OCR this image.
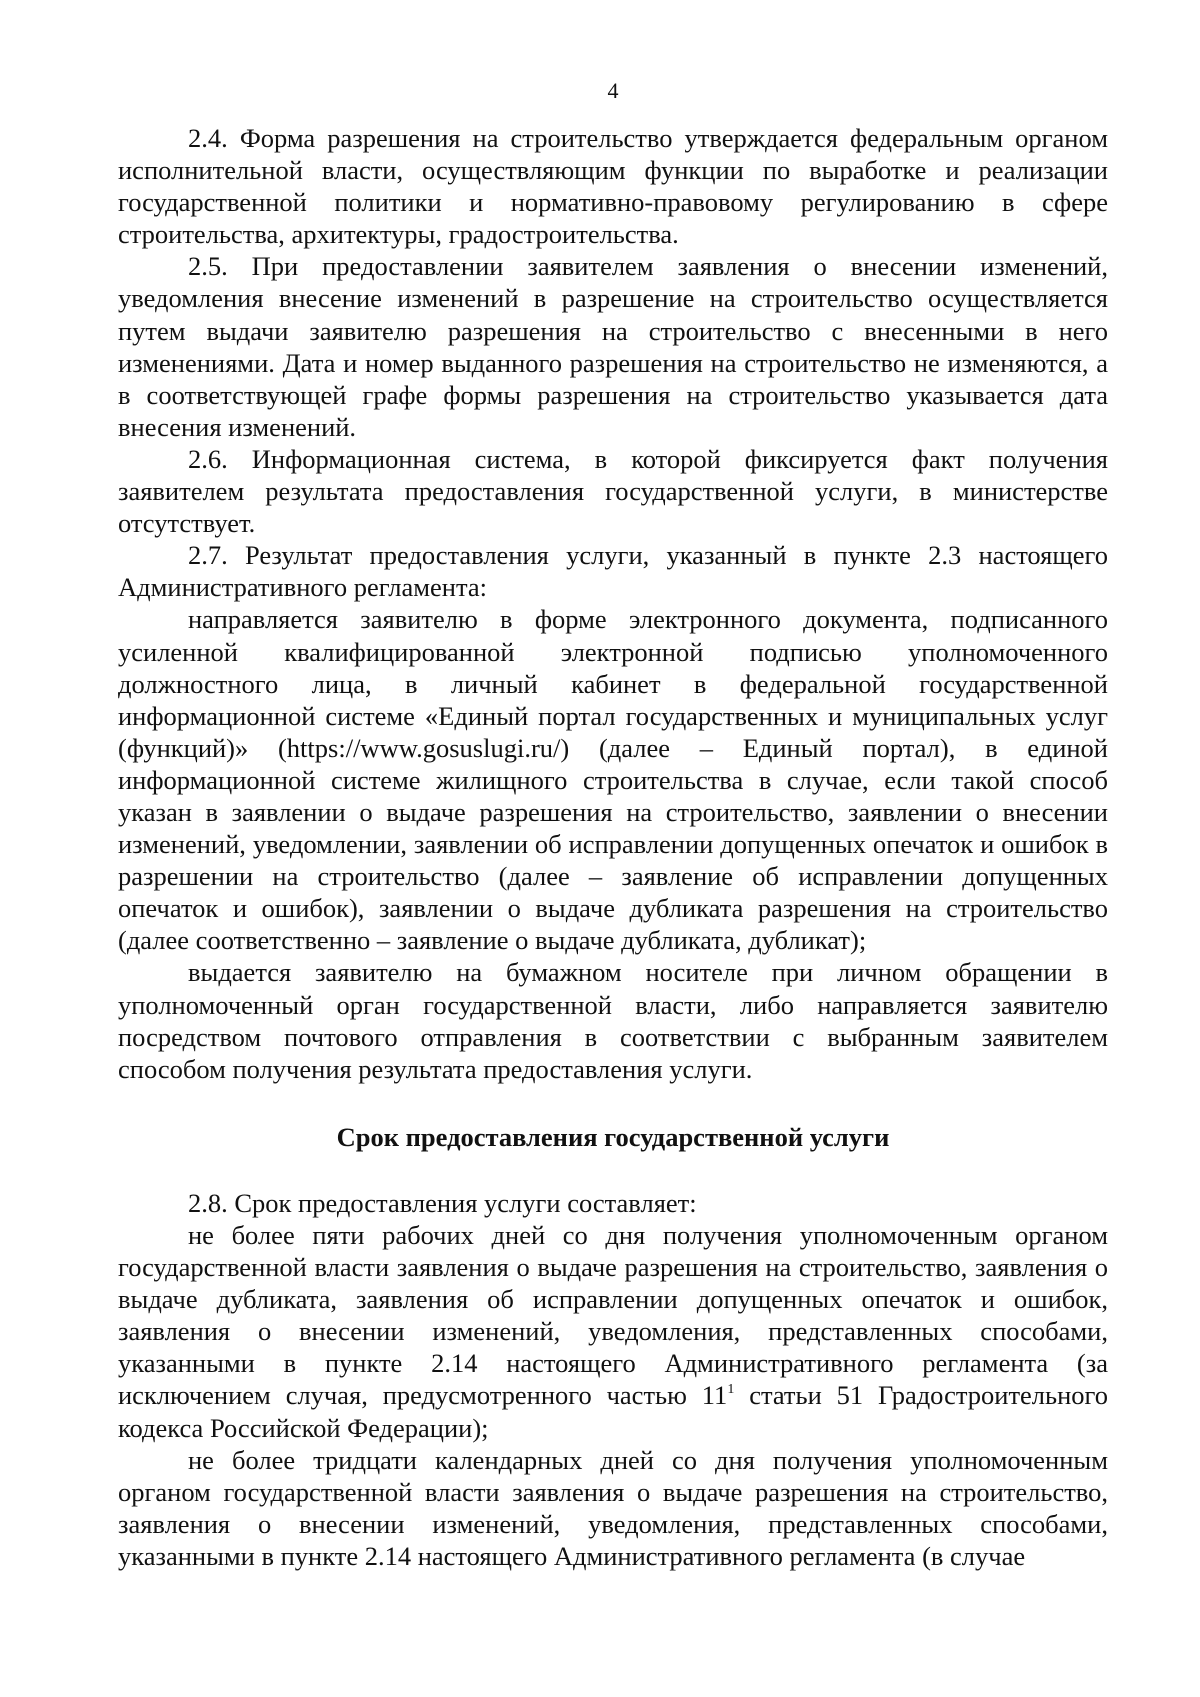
4

2.4. Форма разрешения на строительство утверждается федеральным органом исполнительной власти, осуществляющим функции по выработке и реализации государственной политики и нормативно-правовому регулированию в сфере строительства, архитектуры, градостроительства.

2.5. При предоставлении заявителем заявления о внесении изменений, уведомления внесение изменений в разрешение на строительство осуществляется путем выдачи заявителю разрешения на строительство с внесенными в него изменениями. Дата и номер выданного разрешения на строительство не изменяются, а в соответствующей графе формы разрешения на строительство указывается дата внесения изменений.

2.6. Информационная система, в которой фиксируется факт получения заявителем результата предоставления государственной услуги, в министерстве отсутствует.

2.7. Результат предоставления услуги, указанный в пункте 2.3 настоящего Административного регламента:

направляется заявителю в форме электронного документа, подписанного усиленной квалифицированной электронной подписью уполномоченного должностного лица, в личный кабинет в федеральной государственной информационной системе «Единый портал государственных и муниципальных услуг (функций)» (https://www.gosuslugi.ru/) (далее – Единый портал), в единой информационной системе жилищного строительства в случае, если такой способ указан в заявлении о выдаче разрешения на строительство, заявлении о внесении изменений, уведомлении, заявлении об исправлении допущенных опечаток и ошибок в разрешении на строительство (далее – заявление об исправлении допущенных опечаток и ошибок), заявлении о выдаче дубликата разрешения на строительство (далее соответственно – заявление о выдаче дубликата, дубликат);

выдается заявителю на бумажном носителе при личном обращении в уполномоченный орган государственной власти, либо направляется заявителю посредством почтового отправления в соответствии с выбранным заявителем способом получения результата предоставления услуги.

Срок предоставления государственной услуги

2.8. Срок предоставления услуги составляет:

не более пяти рабочих дней со дня получения уполномоченным органом государственной власти заявления о выдаче разрешения на строительство, заявления о выдаче дубликата, заявления об исправлении допущенных опечаток и ошибок, заявления о внесении изменений, уведомления, представленных способами, указанными в пункте 2.14 настоящего Административного регламента (за исключением случая, предусмотренного частью $11^1$ статьи 51 Градостроительного кодекса Российской Федерации);

не более тридцати календарных дней со дня получения уполномоченным органом государственной власти заявления о выдаче разрешения на строительство, заявления о внесении изменений, уведомления, представленных способами, указанными в пункте 2.14 настоящего Административного регламента (в случае
